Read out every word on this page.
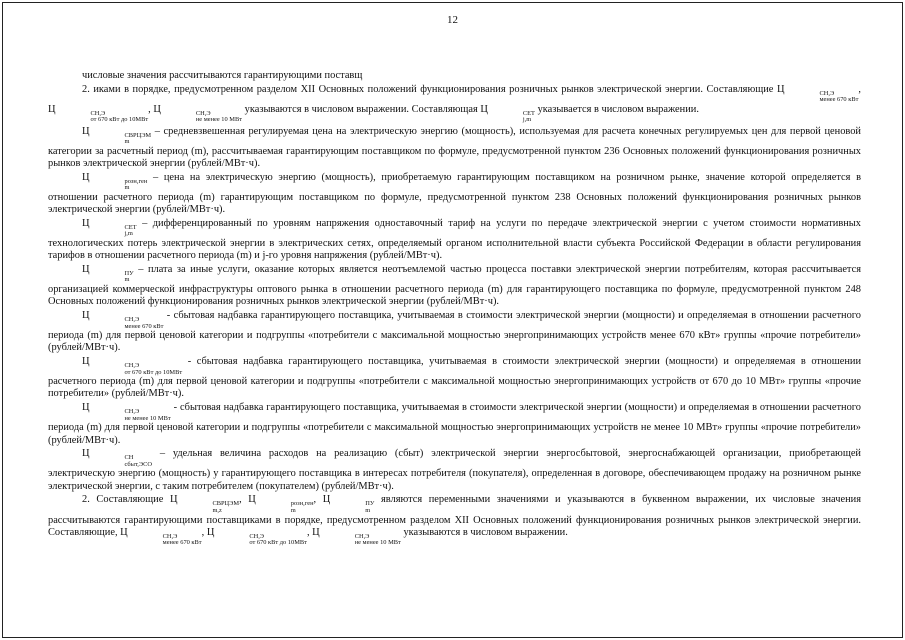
12

числовые значения рассчитываются гарантирующими поставщ

2. иками в порядке, предусмотренном разделом XII Основных положений функционирования розничных рынков электрической энергии. Составляющие Ц	СН,Э
менее 670 кВт
, Ц	СН,Э
от 670 кВт до 10МВт
, Ц	СН,Э
не менее 10 МВт
указываются в числовом выражении. Составляющая Ц	СЕТ
j,m
указывается в числовом выражении.

Ц	СВРЦЭМ
m
– средневзвешенная регулируемая цена на электрическую энергию (мощность), используемая для расчета конечных регулируемых цен для первой ценовой категории за расчетный период (m), рассчитываемая гарантирующим поставщиком по формуле, предусмотренной пунктом 236 Основных положений функционирования розничных рынков электрической энергии (рублей/МВт·ч).

Ц	розн,ген
m
– цена на электрическую энергию (мощность), приобретаемую гарантирующим поставщиком на розничном рынке, значение которой определяется в отношении расчетного периода (m) гарантирующим поставщиком по формуле, предусмотренной пунктом 238 Основных положений функционирования розничных рынков электрической энергии (рублей/МВт·ч).

Ц	СЕТ
j,m
– дифференцированный по уровням напряжения одноставочный тариф на услуги по передаче электрической энергии с учетом стоимости нормативных технологических потерь электрической энергии в электрических сетях, определяемый органом исполнительной власти субъекта Российской Федерации в области регулирования тарифов в отношении расчетного периода (m) и j-го уровня напряжения (рублей/МВт·ч).

Ц	ПУ
m
– плата за иные услуги, оказание которых является неотъемлемой частью процесса поставки электрической энергии потребителям, которая рассчитывается организацией коммерческой инфраструктуры оптового рынка в отношении расчетного периода (m) для гарантирующего поставщика по формуле, предусмотренной пунктом 248 Основных положений функционирования розничных рынков электрической энергии (рублей/МВт·ч).

Ц	СН,Э
менее 670 кВт
- сбытовая надбавка гарантирующего поставщика, учитываемая в стоимости электрической энергии (мощности) и определяемая в отношении расчетного периода (m) для первой ценовой категории и подгруппы «потребители с максимальной мощностью энергопринимающих устройств менее 670 кВт» группы «прочие потребители» (рублей/МВт·ч).

Ц	СН,Э
от 670 кВт до 10МВт
- сбытовая надбавка гарантирующего поставщика, учитываемая в стоимости электрической энергии (мощности) и определяемая в отношении расчетного периода (m) для первой ценовой категории и подгруппы «потребители с максимальной мощностью энергопринимающих устройств от 670 до 10 МВт» группы «прочие потребители» (рублей/МВт·ч).

Ц	СН,Э
не менее 10 МВт
- сбытовая надбавка гарантирующего поставщика, учитываемая в стоимости электрической энергии (мощности) и определяемая в отношении расчетного периода (m) для первой ценовой категории и подгруппы «потребители с максимальной мощностью энергопринимающих устройств не менее 10 МВт» группы «прочие потребители» (рублей/МВт·ч).

Ц	СН
сбыт,ЭСО
– удельная величина расходов на реализацию (сбыт) электрической энергии энергосбытовой, энергоснабжающей организации, приобретающей электрическую энергию (мощность) у гарантирующего поставщика в интересах потребителя (покупателя), определенная в договоре, обеспечивающем продажу на розничном рынке электрической энергии, с таким потребителем (покупателем) (рублей/МВт·ч).

2. Составляющие Ц	СВРЦЭМ
m,z
, Ц	розн,ген
m
, Ц	ПУ
m
являются переменными значениями и указываются в буквенном выражении, их числовые значения рассчитываются гарантирующими поставщиками в порядке, предусмотренном разделом XII Основных положений функционирования розничных рынков электрической энергии. Составляющие, Ц	СН,Э
менее 670 кВт
, Ц	СН,Э
от 670 кВт до 10МВт
, Ц	СН,Э
не менее 10 МВт
указываются в числовом выражении.
